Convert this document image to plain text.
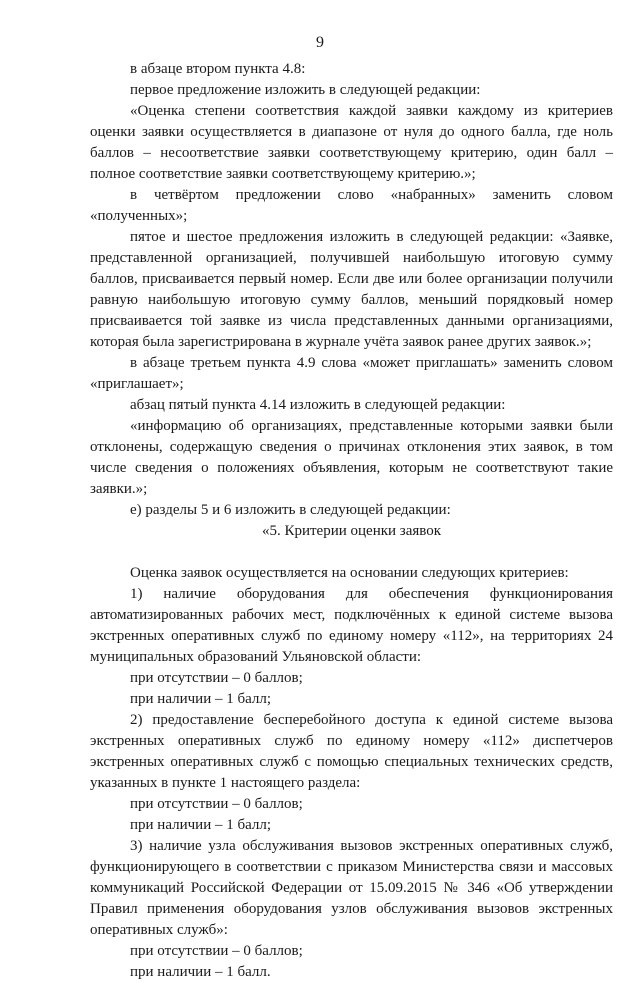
9

в абзаце втором пункта 4.8:

первое предложение изложить в следующей редакции:

«Оценка степени соответствия каждой заявки каждому из критериев оценки заявки осуществляется в диапазоне от нуля до одного балла, где ноль баллов – несоответствие заявки соответствующему критерию, один балл – полное соответствие заявки соответствующему критерию.»;

в четвёртом предложении слово «набранных» заменить словом «полученных»;

пятое и шестое предложения изложить в следующей редакции: «Заявке, представленной организацией, получившей наибольшую итоговую сумму баллов, присваивается первый номер. Если две или более организации получили равную наибольшую итоговую сумму баллов, меньший порядковый номер присваивается той заявке из числа представленных данными организациями, которая была зарегистрирована в журнале учёта заявок ранее других заявок.»;

в абзаце третьем пункта 4.9 слова «может приглашать» заменить словом «приглашает»;

абзац пятый пункта 4.14 изложить в следующей редакции:

«информацию об организациях, представленные которыми заявки были отклонены, содержащую сведения о причинах отклонения этих заявок, в том числе сведения о положениях объявления, которым не соответствуют такие заявки.»;

е) разделы 5 и 6 изложить в следующей редакции:

«5. Критерии оценки заявок

Оценка заявок осуществляется на основании следующих критериев:

1) наличие оборудования для обеспечения функционирования автоматизированных рабочих мест, подключённых к единой системе вызова экстренных оперативных служб по единому номеру «112», на территориях 24 муниципальных образований Ульяновской области:

при отсутствии – 0 баллов;

при наличии – 1 балл;

2) предоставление бесперебойного доступа к единой системе вызова экстренных оперативных служб по единому номеру «112» диспетчеров экстренных оперативных служб с помощью специальных технических средств, указанных в пункте 1 настоящего раздела:

при отсутствии – 0 баллов;

при наличии – 1 балл;

3) наличие узла обслуживания вызовов экстренных оперативных служб, функционирующего в соответствии с приказом Министерства связи и массовых коммуникаций Российской Федерации от 15.09.2015 № 346 «Об утверждении Правил применения оборудования узлов обслуживания вызовов экстренных оперативных служб»:

при отсутствии – 0 баллов;

при наличии – 1 балл.
